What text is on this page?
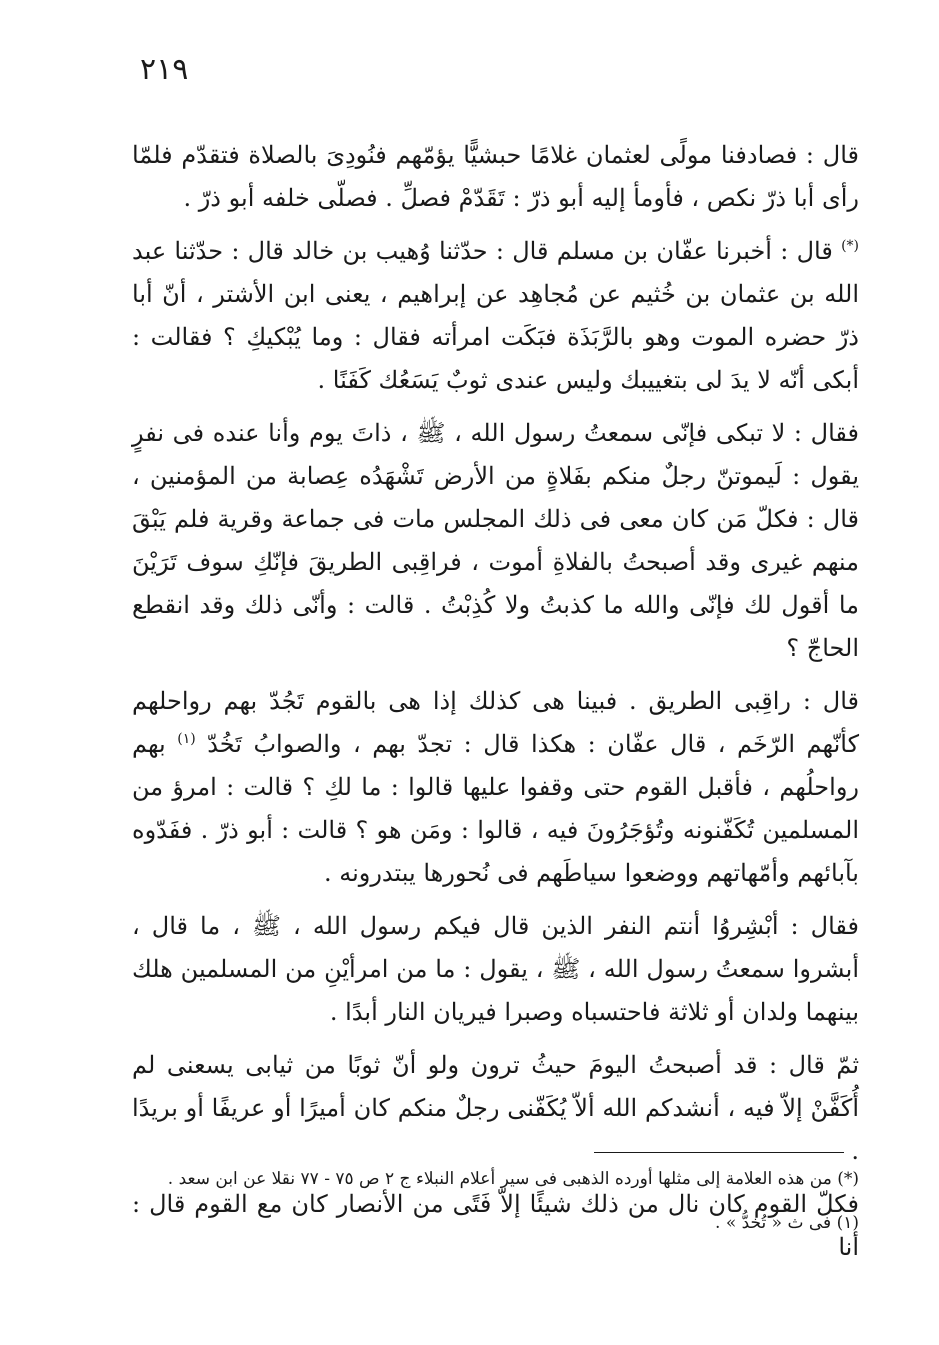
٢١٩

قال : فصادفنا مولًى لعثمان غلامًا حبشيًّا يؤمّهم فنُودِىَ بالصلاة فتقدّم فلمّا رأى أبا ذرّ نكص ، فأومأ إليه أبو ذرّ : تَقَدّمْ فصلِّ . فصلّى خلفه أبو ذرّ .

(*) قال : أخبرنا عفّان بن مسلم قال : حدّثنا وُهيب بن خالد قال : حدّثنا عبد الله بن عثمان بن خُثيم عن مُجاهِد عن إبراهيم ، يعنى ابن الأشتر ، أنّ أبا ذرّ حضره الموت وهو بالرَّبَذَة فبَكَت امرأته فقال : وما يُبْكيكِ ؟ فقالت : أبكى أنّه لا يدَ لى بتغييبك وليس عندى ثوبٌ يَسَعُك كَفَنًا .

فقال : لا تبكى فإنّى سمعتُ رسول الله ، ﷺ ، ذاتَ يوم وأنا عنده فى نفرٍ يقول : لَيموتنّ رجلٌ منكم بفَلاةٍ من الأرض تَشْهَدُه عِصابة من المؤمنين ، قال : فكلّ مَن كان معى فى ذلك المجلس مات فى جماعة وقرية فلم يَبْقَ منهم غيرى وقد أصبحتُ بالفلاةِ أموت ، فراقِبى الطريقَ فإنّكِ سوف تَرَيْنَ ما أقول لك فإنّى والله ما كذبتُ ولا كُذِبْتُ . قالت : وأنّى ذلك وقد انقطع الحاجّ ؟

قال : راقِبى الطريق . فبينا هى كذلك إذا هى بالقوم تَجُدّ بهم رواحلهم كأنّهم الرّخَم ، قال عفّان : هكذا قال : تجدّ بهم ، والصوابُ تَخُدّ $^{(١)}$ بهم رواحلُهم ، فأقبل القوم حتى وقفوا عليها قالوا : ما لكِ ؟ قالت : امرؤ من المسلمين تُكَفّنونه وتُؤجَرُونَ فيه ، قالوا : ومَن هو ؟ قالت : أبو ذرّ . ففَدّوه بآبائهم وأمّهاتهم ووضعوا سياطَهم فى نُحورها يبتدرونه .

فقال : أبْشِروُا أنتم النفر الذين قال فيكم رسول الله ، ﷺ ، ما قال ، أبشروا سمعتُ رسول الله ، ﷺ ، يقول : ما من امرأيْنِ من المسلمين هلك بينهما ولدان أو ثلاثة فاحتسباه وصبرا فيريان النار أبدًا .

ثمّ قال : قد أصبحتُ اليومَ حيثُ ترون ولو أنّ ثوبًا من ثيابى يسعنى لم أُكَفَّنْ إلاّ فيه ، أنشدكم الله ألاّ يُكَفّنى رجلٌ منكم كان أميرًا أو عريفًا أو بريدًا .

فكلّ القوم كان نال من ذلك شيئًا إلاّ فَتًى من الأنصار كان مع القوم قال : أنا

(*) من هذه العلامة إلى مثلها أورده الذهبى فى سير أعلام النبلاء ج ٢ ص ٧٥ - ٧٧ نقلا عن ابن سعد .

(١) فى ث « تُخدُّ » .
